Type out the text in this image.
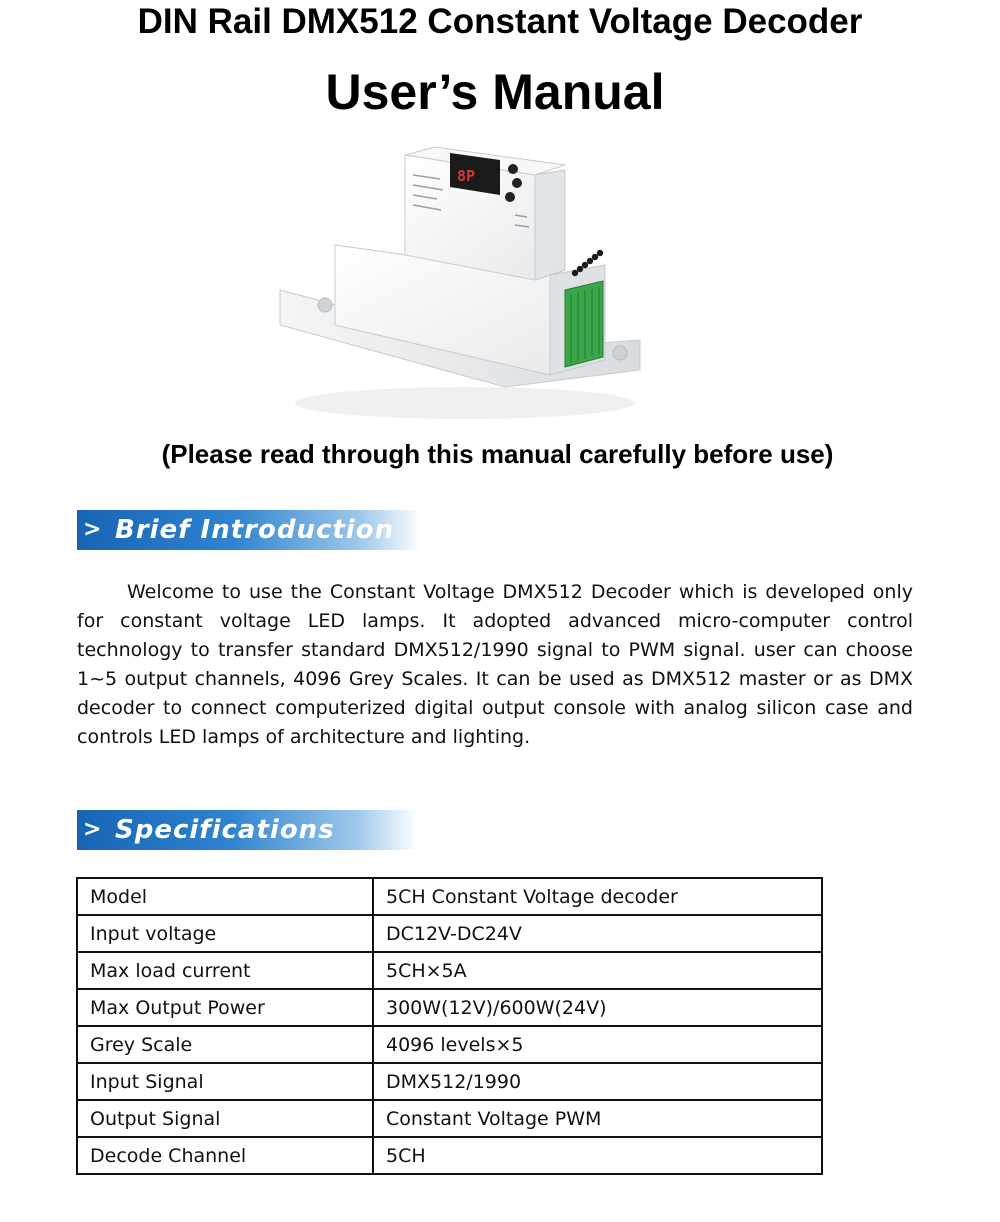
DIN Rail DMX512 Constant Voltage Decoder
User’s Manual
8P
(Please read through this manual carefully before use)
> Brief Introduction

Welcome to use the Constant Voltage DMX512 Decoder which is developed only for constant voltage LED lamps. It adopted advanced micro-computer control technology to transfer standard DMX512/1990 signal to PWM signal. user can choose 1~5 output channels, 4096 Grey Scales. It can be used as DMX512 master or as DMX decoder to connect computerized digital output console with analog silicon case and controls LED lamps of architecture and lighting.

> Specifications
Model	5CH Constant Voltage decoder
Input voltage	DC12V-DC24V
Max load current	5CH×5A
Max Output Power	300W(12V)/600W(24V)
Grey Scale	4096 levels×5
Input Signal	DMX512/1990
Output Signal	Constant Voltage PWM
Decode Channel	5CH
